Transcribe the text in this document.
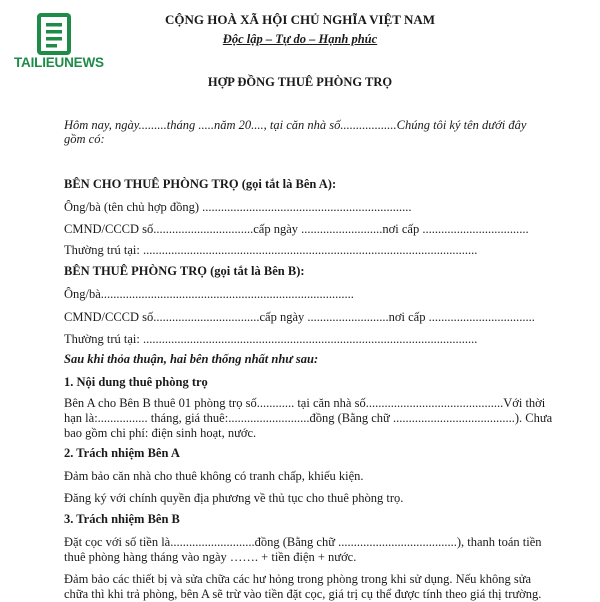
TAILIEUNEWS
CỘNG HOÀ XÃ HỘI CHỦ NGHĨA VIỆT NAM
Độc lập – Tự do – Hạnh phúc
HỢP ĐỒNG THUÊ PHÒNG TRỌ
Hôm nay, ngày.........tháng .....năm 20...., tại căn nhà số..................Chúng tôi ký tên dưới đây
gồm có:
BÊN CHO THUÊ PHÒNG TRỌ (gọi tắt là Bên A):
Ông/bà (tên chủ hợp đồng) ...................................................................
CMND/CCCD số................................cấp ngày ..........................nơi cấp ..................................
Thường trú tại: ...........................................................................................................
BÊN THUÊ PHÒNG TRỌ (gọi tắt là Bên B):
Ông/bà.................................................................................
CMND/CCCD số..................................cấp ngày ..........................nơi cấp ..................................
Thường trú tại: ...........................................................................................................
Sau khi thỏa thuận, hai bên thống nhất như sau:
1. Nội dung thuê phòng trọ
Bên A cho Bên B thuê 01 phòng trọ số............ tại căn nhà số............................................Với thời
hạn là:................ tháng, giá thuê:..........................đồng (Bằng chữ .......................................). Chưa
bao gồm chi phí: điện sinh hoạt, nước.
2. Trách nhiệm Bên A
Đảm bảo căn nhà cho thuê không có tranh chấp, khiếu kiện.
Đăng ký với chính quyền địa phương về thủ tục cho thuê phòng trọ.
3. Trách nhiệm Bên B
Đặt cọc với số tiền là...........................đồng (Bằng chữ ......................................), thanh toán tiền
thuê phòng hàng tháng vào ngày ……. + tiền điện + nước.
Đảm bảo các thiết bị và sửa chữa các hư hỏng trong phòng trong khi sử dụng. Nếu không sửa
chữa thì khi trả phòng, bên A sẽ trừ vào tiền đặt cọc, giá trị cụ thể được tính theo giá thị trường.
